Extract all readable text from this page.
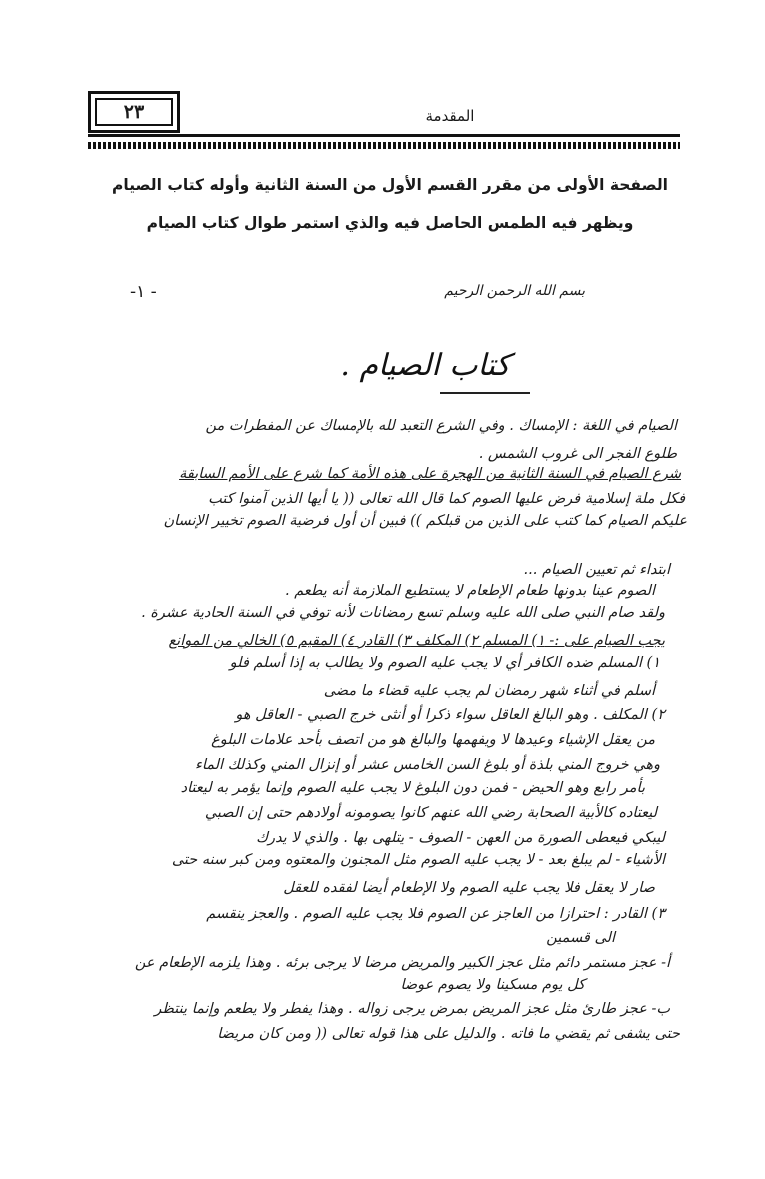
٢٣	المقدمة
الصفحة الأولى من مقرر القسم الأول من السنة الثانية وأوله كتاب الصيام
ويظهر فيه الطمس الحاصل فيه والذي استمر طوال كتاب الصيام
-١ -	بسم الله الرحمن الرحيم
كتاب الصيام .
الصيام في اللغة : الإمساك . وفي الشرع التعبد لله بالإمساك عن المفطرات من
طلوع الفجر الى غروب الشمس .
شرع الصيام في السنة الثانية من الهجرة على هذه الأمة كما شرع على الأمم السابقة
فكل ملة إسلامية فرض عليها الصوم كما قال الله تعالى (( يا أيها الذين آمنوا كتب
عليكم الصيام كما كتب على الذين من قبلكم )) فبين أن أول فرضية الصوم تخيير الإنسان
ابتداء ثم تعيين الصيام ...
الصوم عينا بدونها طعام الإطعام لا يستطيع الملازمة أنه يطعم .
ولقد صام النبي صلى الله عليه وسلم تسع رمضانات لأنه توفي في السنة الحادية عشرة .
يجب الصيام على :- ١) المسلم ٢) المكلف ٣) القادر ٤) المقيم ٥) الخالي من الموانع
١) المسلم ضده الكافر أي لا يجب عليه الصوم ولا يطالب به إذا أسلم فلو
أسلم في أثناء شهر رمضان لم يجب عليه قضاء ما مضى
٢) المكلف . وهو البالغ العاقل سواء ذكرا أو أنثى خرج الصبي - العاقل هو
من يعقل الإشياء وعيدها لا ويفهمها والبالغ هو من اتصف بأحد علامات البلوغ
وهي خروج المني بلذة أو بلوغ السن الخامس عشر أو إنزال المني وكذلك الماء
بأمر رابع وهو الحيض - فمن دون البلوغ لا يجب عليه الصوم وإنما يؤمر به ليعتاد
ليعتاده كالأبية الصحابة رضي الله عنهم كانوا يصومونه أولادهم حتى إن الصبي
ليبكي فيعطى الصورة من العهن - الصوف - يتلهى بها . والذي لا يدرك
الأشياء - لم يبلغ بعد - لا يجب عليه الصوم مثل المجنون والمعتوه ومن كبر سنه حتى
صار لا يعقل فلا يجب عليه الصوم ولا الإطعام أيضا لفقده للعقل
٣) القادر : احترازا من العاجز عن الصوم فلا يجب عليه الصوم . والعجز ينقسم
الى قسمين
أ- عجز مستمر دائم مثل عجز الكبير والمريض مرضا لا يرجى برئه . وهذا يلزمه الإطعام عن
كل يوم مسكينا ولا يصوم عوضا
ب- عجز طارئ مثل عجز المريض بمرض يرجى زواله . وهذا يفطر ولا يطعم وإنما ينتظر
حتى يشفى ثم يقضي ما فاته . والدليل على هذا قوله تعالى (( ومن كان مريضا
